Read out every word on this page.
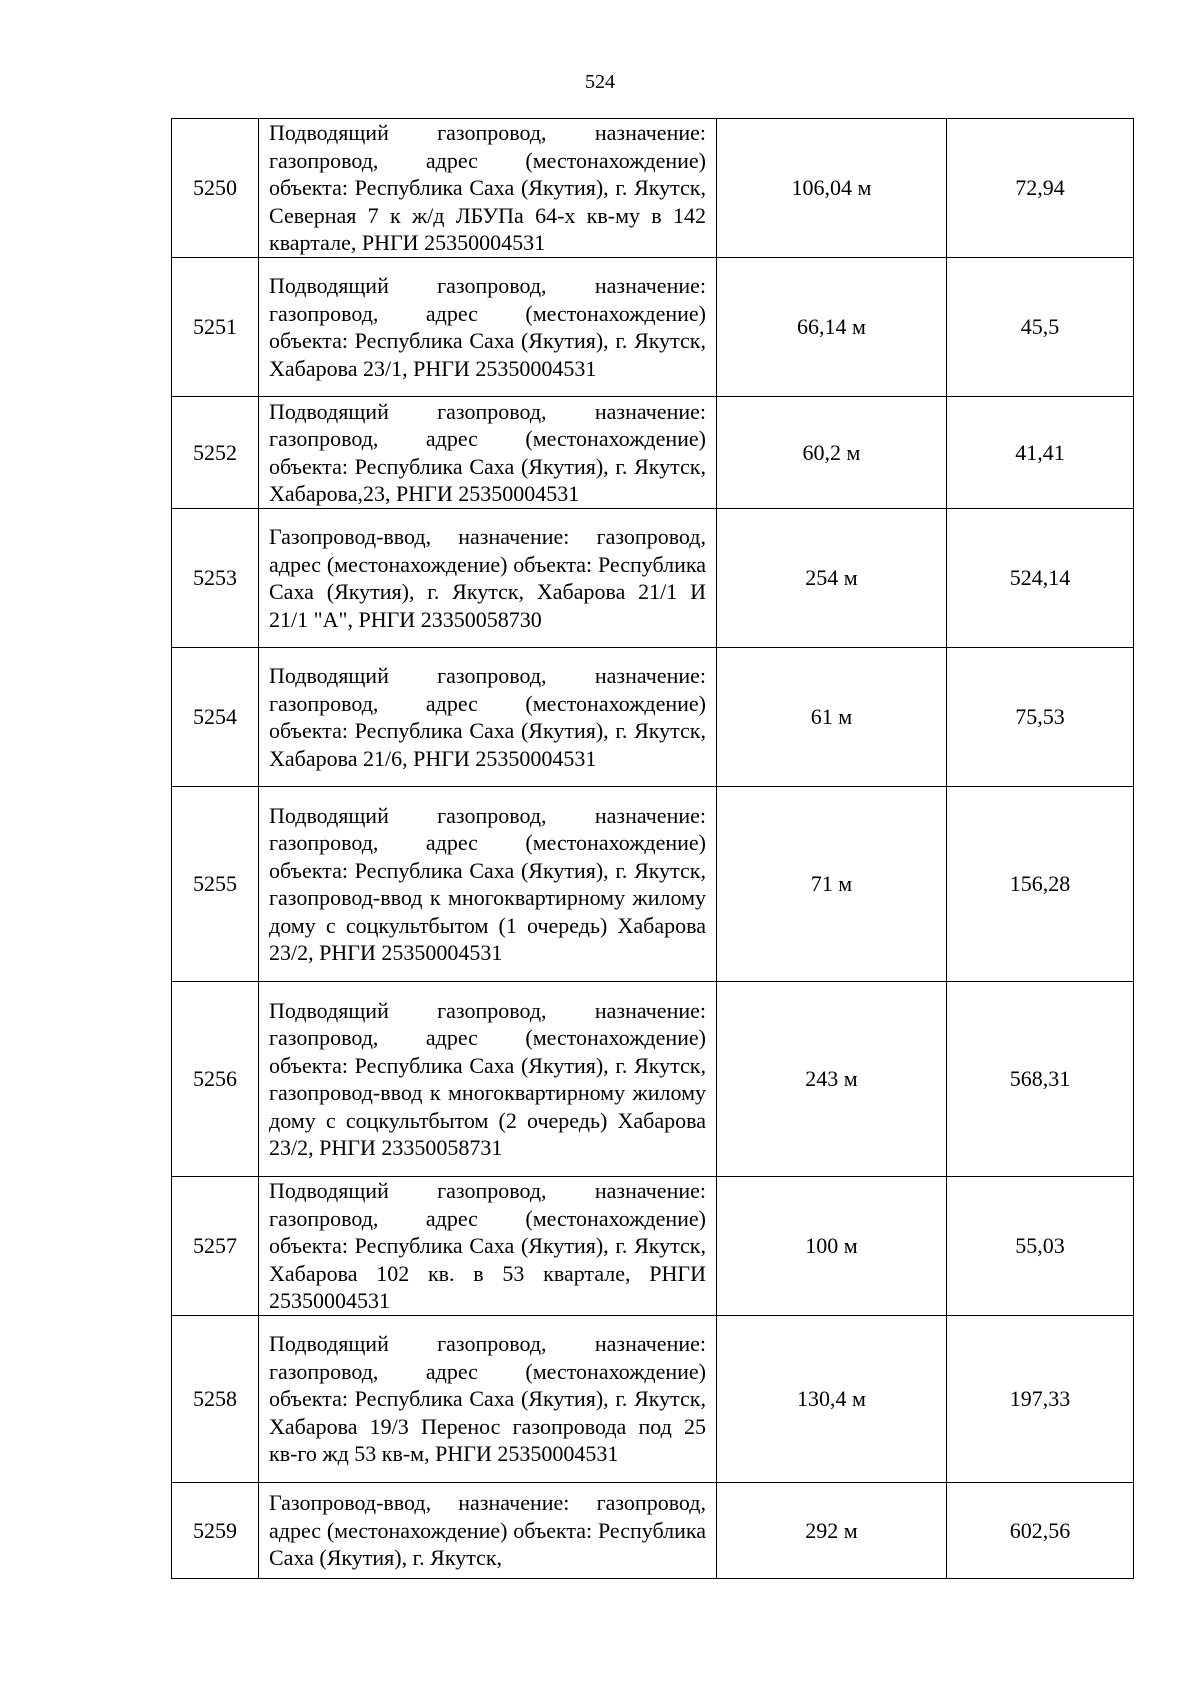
524
5250	Подводящий газопровод, назначение: газопровод, адрес (местонахождение) объекта: Республика Саха (Якутия), г. Якутск, Северная 7 к ж/д ЛБУПа 64-х кв-му в 142 квартале, РНГИ 25350004531	106,04 м	72,94
5251	Подводящий газопровод, назначение: газопровод, адрес (местонахождение) объекта: Республика Саха (Якутия), г. Якутск, Хабарова 23/1, РНГИ 25350004531	66,14 м	45,5
5252	Подводящий газопровод, назначение: газопровод, адрес (местонахождение) объекта: Республика Саха (Якутия), г. Якутск, Хабарова,23, РНГИ 25350004531	60,2 м	41,41
5253	Газопровод-ввод, назначение: газопровод, адрес (местонахождение) объекта: Республика Саха (Якутия), г. Якутск, Хабарова 21/1 И 21/1 "А", РНГИ 23350058730	254 м	524,14
5254	Подводящий газопровод, назначение: газопровод, адрес (местонахождение) объекта: Республика Саха (Якутия), г. Якутск, Хабарова 21/6, РНГИ 25350004531	61 м	75,53
5255	Подводящий газопровод, назначение: газопровод, адрес (местонахождение) объекта: Республика Саха (Якутия), г. Якутск, газопровод-ввод к многоквартирному жилому дому с соцкультбытом (1 очередь) Хабарова 23/2, РНГИ 25350004531	71 м	156,28
5256	Подводящий газопровод, назначение: газопровод, адрес (местонахождение) объекта: Республика Саха (Якутия), г. Якутск, газопровод-ввод к многоквартирному жилому дому с соцкультбытом (2 очередь) Хабарова 23/2, РНГИ 23350058731	243 м	568,31
5257	Подводящий газопровод, назначение: газопровод, адрес (местонахождение) объекта: Республика Саха (Якутия), г. Якутск, Хабарова 102 кв. в 53 квартале, РНГИ 25350004531	100 м	55,03
5258	Подводящий газопровод, назначение: газопровод, адрес (местонахождение) объекта: Республика Саха (Якутия), г. Якутск, Хабарова 19/3 Перенос газопровода под 25 кв-го жд 53 кв-м, РНГИ 25350004531	130,4 м	197,33
5259	Газопровод-ввод, назначение: газопровод, адрес (местонахождение) объекта: Республика Саха (Якутия), г. Якутск,	292 м	602,56
